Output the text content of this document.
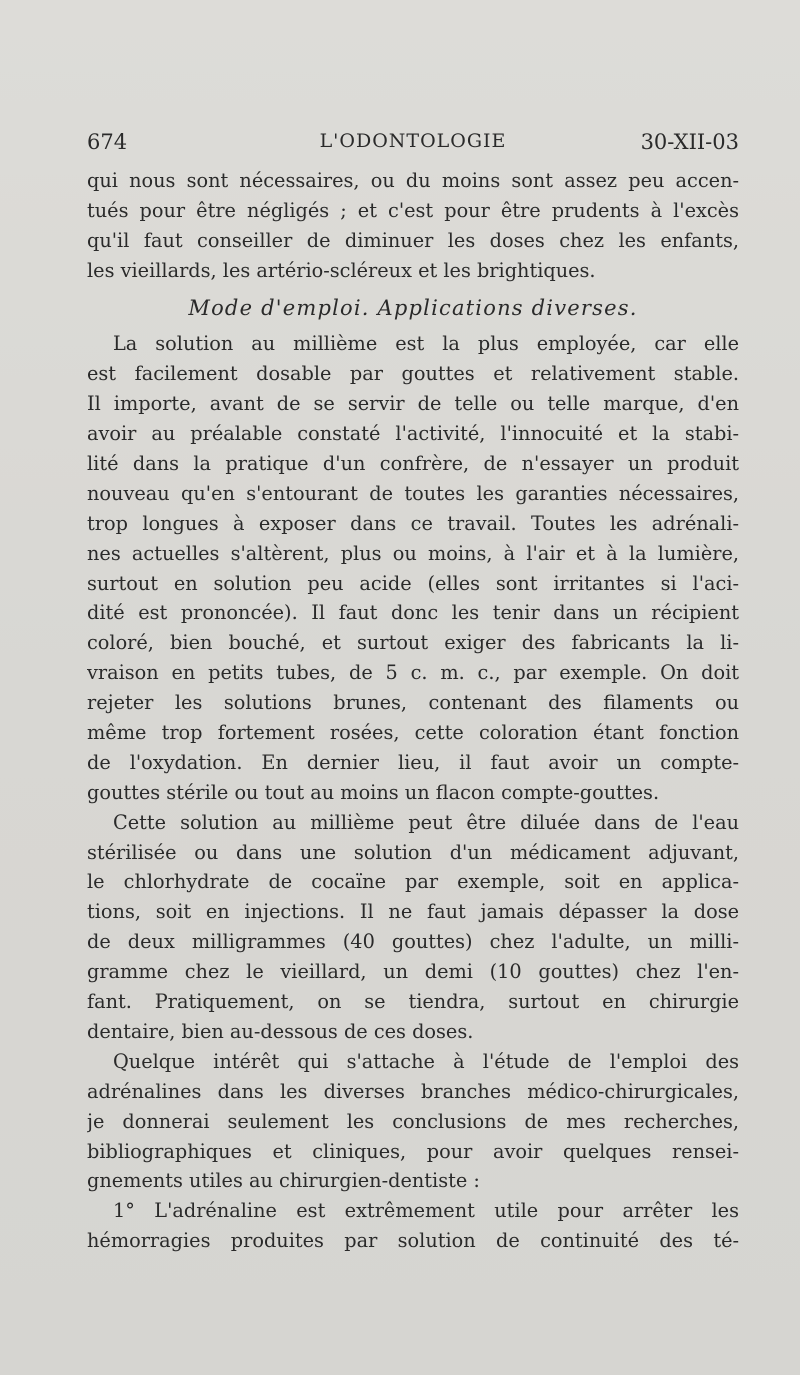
674	L'ODONTOLOGIE	30-XII-03
qui nous sont nécessaires, ou du moins sont assez peu accen-
tués pour être négligés ; et c'est pour être prudents à l'excès
qu'il faut conseiller de diminuer les doses chez les enfants,
les vieillards, les artério-scléreux et les brightiques.
Mode d'emploi. Applications diverses.
La solution au millième est la plus employée, car elle
est facilement dosable par gouttes et relativement stable.
Il importe, avant de se servir de telle ou telle marque, d'en
avoir au préalable constaté l'activité, l'innocuité et la stabi-
lité dans la pratique d'un confrère, de n'essayer un produit
nouveau qu'en s'entourant de toutes les garanties nécessaires,
trop longues à exposer dans ce travail. Toutes les adrénali-
nes actuelles s'altèrent, plus ou moins, à l'air et à la lumière,
surtout en solution peu acide (elles sont irritantes si l'aci-
dité est prononcée). Il faut donc les tenir dans un récipient
coloré, bien bouché, et surtout exiger des fabricants la li-
vraison en petits tubes, de 5 c. m. c., par exemple. On doit
rejeter les solutions brunes, contenant des filaments ou
même trop fortement rosées, cette coloration étant fonction
de l'oxydation. En dernier lieu, il faut avoir un compte-
gouttes stérile ou tout au moins un flacon compte-gouttes.
Cette solution au millième peut être diluée dans de l'eau
stérilisée ou dans une solution d'un médicament adjuvant,
le chlorhydrate de cocaïne par exemple, soit en applica-
tions, soit en injections. Il ne faut jamais dépasser la dose
de deux milligrammes (40 gouttes) chez l'adulte, un milli-
gramme chez le vieillard, un demi (10 gouttes) chez l'en-
fant. Pratiquement, on se tiendra, surtout en chirurgie
dentaire, bien au-dessous de ces doses.
Quelque intérêt qui s'attache à l'étude de l'emploi des
adrénalines dans les diverses branches médico-chirurgicales,
je donnerai seulement les conclusions de mes recherches,
bibliographiques et cliniques, pour avoir quelques rensei-
gnements utiles au chirurgien-dentiste :
1° L'adrénaline est extrêmement utile pour arrêter les
hémorragies produites par solution de continuité des té-
